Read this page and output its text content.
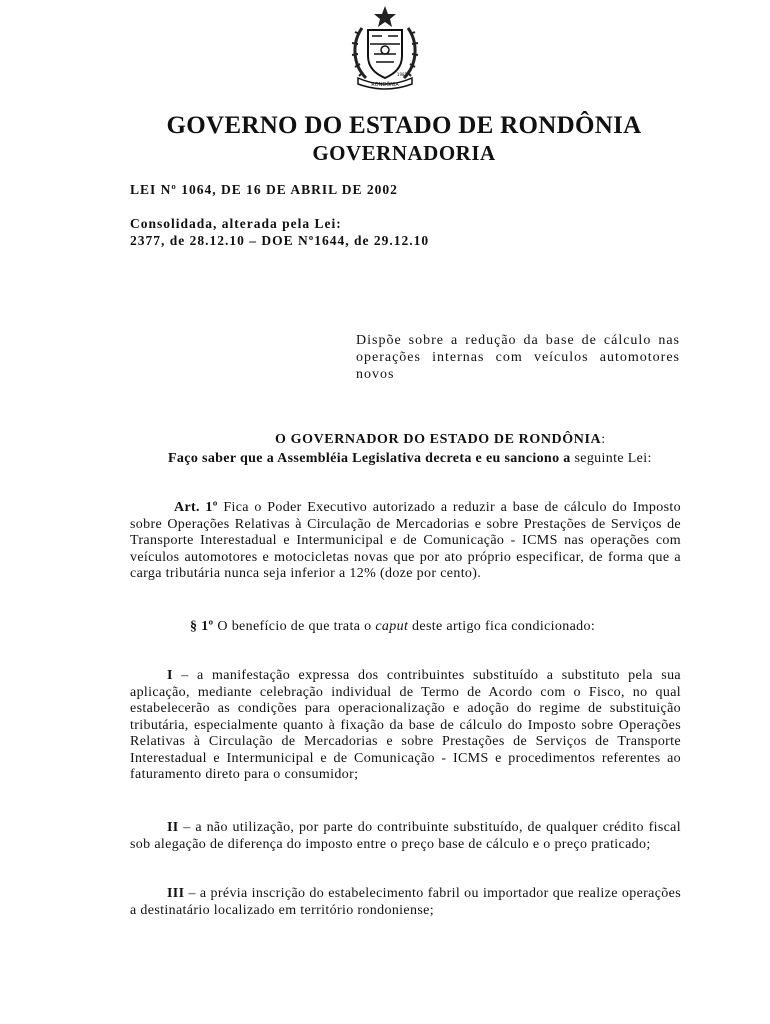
RONDÔNIA
1981
GOVERNO DO ESTADO DE RONDÔNIA
GOVERNADORIA
LEI Nº 1064, DE 16 DE ABRIL DE 2002
Consolidada, alterada pela Lei:
2377, de 28.12.10 – DOE Nº1644, de 29.12.10
Dispõe sobre a redução da base de cálculo nas operações internas com veículos automotores novos
O GOVERNADOR DO ESTADO DE RONDÔNIA:
Faço saber que a Assembléia Legislativa decreta e eu sanciono a seguinte Lei:
Art. 1º Fica o Poder Executivo autorizado a reduzir a base de cálculo do Imposto sobre Operações Relativas à Circulação de Mercadorias e sobre Prestações de Serviços de Transporte Interestadual e Intermunicipal e de Comunicação - ICMS nas operações com veículos automotores e motocicletas novas que por ato próprio especificar, de forma que a carga tributária nunca seja inferior a 12% (doze por cento).
§ 1º O benefício de que trata o caput deste artigo fica condicionado:
I – a manifestação expressa dos contribuintes substituído a substituto pela sua aplicação, mediante celebração individual de Termo de Acordo com o Fisco, no qual estabelecerão as condições para operacionalização e adoção do regime de substituição tributária, especialmente quanto à fixação da base de cálculo do Imposto sobre Operações Relativas à Circulação de Mercadorias e sobre Prestações de Serviços de Transporte Interestadual e Intermunicipal e de Comunicação - ICMS e procedimentos referentes ao faturamento direto para o consumidor;
II – a não utilização, por parte do contribuinte substituído, de qualquer crédito fiscal sob alegação de diferença do imposto entre o preço base de cálculo e o preço praticado;
III – a prévia inscrição do estabelecimento fabril ou importador que realize operações a destinatário localizado em território rondoniense;
